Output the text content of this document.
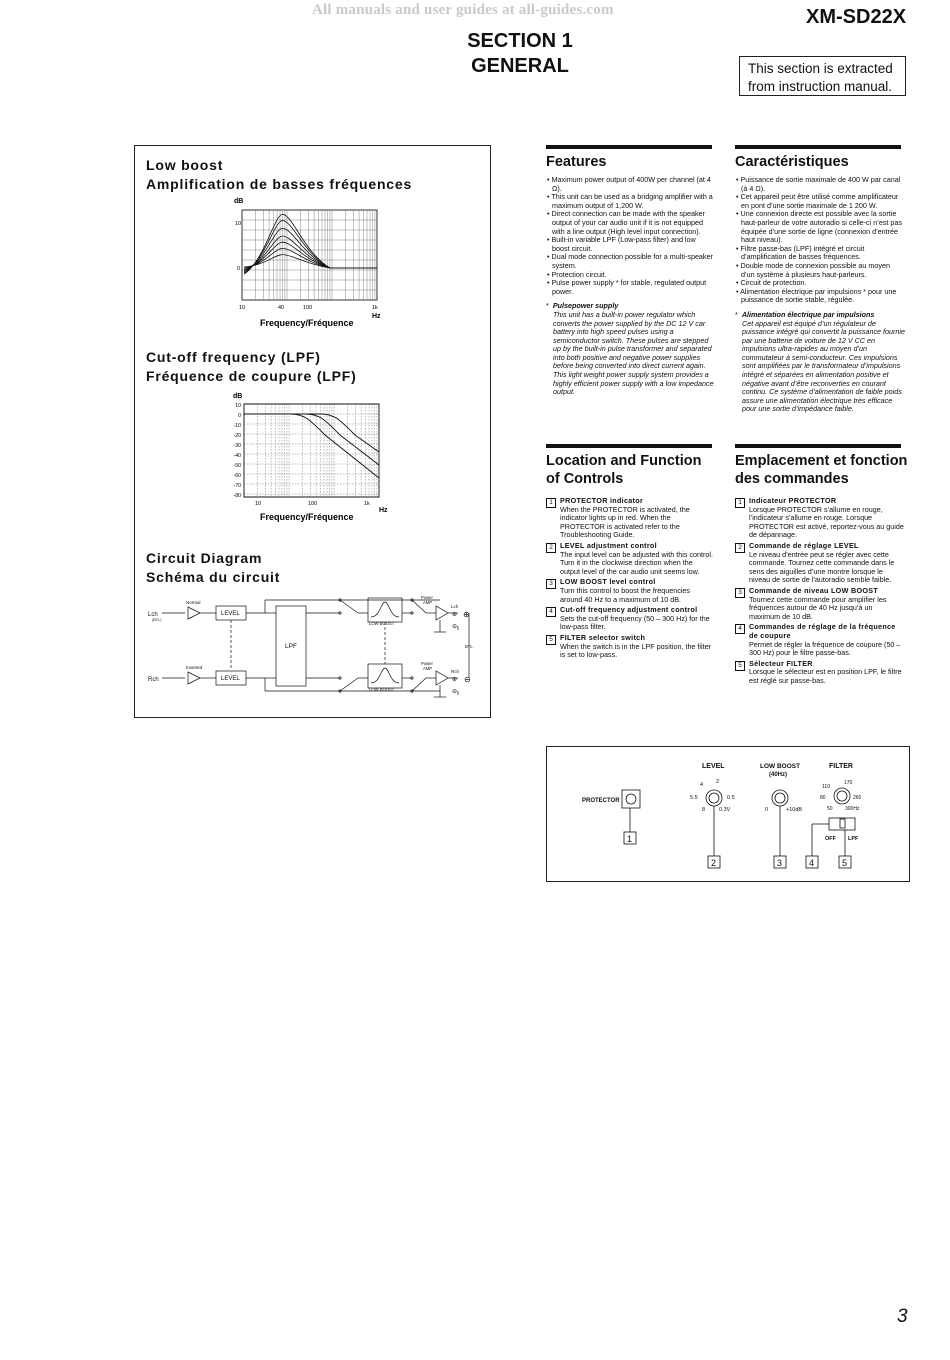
All manuals and user guides at all-guides.com	XM-SD22X
SECTION 1
GENERAL	This section is extracted
from instruction manual.
Low boost
Amplification de basses fréquences
dB
10
0
10	40	100	1k
Hz
Frequency/Fréquence
Cut-off frequency (LPF)
Fréquence de coupure (LPF)
dB
10
0
-10
-20
-30
-40
-50
-60
-70
-80
10	100	1k
Hz
Frequency/Fréquence
Circuit Diagram
Schéma du circuit
Lch
(BTL)
Rch
Normal
Inverted
LEVEL
LEVEL
LPF
LOW BOOST
LOW BOOST
Power
AMP
Power
AMP
Lch
Rch
⊕
⊖
⊕
⊖
⊕
BTL
⊖
Features

• Maximum power output of 400W per channel (at 4 Ω).

• This unit can be used as a bridging amplifier with a maximum output of 1,200 W.

• Direct connection can be made with the speaker output of your car audio unit if it is not equipped with a line output (High level input connection).

• Built-in variable LPF (Low-pass filter) and low boost circuit.

• Dual mode connection possible for a multi-speaker system.

• Protection circuit.

• Pulse power supply * for stable, regulated output power.

* Pulsepower supply

This unit has a built-in power regulator which converts the power supplied by the DC 12 V car battery into high speed pulses using a semiconductor switch. These pulses are stepped up by the built-in pulse transformer and separated into both positive and negative power supplies before being converted into direct current again. This light weight power supply system provides a highly efficient power supply with a low impedance output.

Caractéristiques

• Puissance de sortie maximale de 400 W par canal (à 4 Ω).

• Cet appareil peut être utilisé comme amplificateur en pont d’une sortie maximale de 1 200 W.

• Une connexion directe est possible avec la sortie haut-parleur de votre autoradio si celle-ci n’est pas équipée d’une sortie de ligne (connexion d’entrée haut niveau).

• Filtre passe-bas (LPF) intégré et circuit d’amplification de basses fréquences.

• Double mode de connexion possible au moyen d’un système à plusieurs haut-parleurs.

• Circuit de protection.

• Alimentation électrique par impulsions * pour une puissance de sortie stable, régulée.

* Alimentation électrique par impulsions

Cet appareil est équipé d’un régulateur de puissance intégré qui convertit la puissance fournie par une batterie de voiture de 12 V CC en impulsions ultra-rapides au moyen d’un commutateur à semi-conducteur. Ces impulsions sont amplifiées par le transformateur d’impulsions intégré et séparées en alimentation positive et négative avant d’être reconverties en courant continu. Ce système d’alimentation de faible poids assure une alimentation électrique très efficace pour une sortie d’impédance faible.

Location and Function
of Controls
1 PROTECTOR indicator
When the PROTECTOR is activated, the indicator lights up in red. When the PROTECTOR is activated refer to the Troubleshooting Guide.
2 LEVEL adjustment control
The input level can be adjusted with this control. Turn it in the clockwise direction when the output level of the car audio unit seems low.
3 LOW BOOST level control
Turn this control to boost the frequencies around 40 Hz to a maximum of 10 dB.
4 Cut-off frequency adjustment control
Sets the cut-off frequency (50 – 300 Hz) for the low-pass filter.
5 FILTER selector switch
When the switch is in the LPF position, the filter is set to low-pass.
Emplacement et fonction
des commandes
1 Indicateur PROTECTOR
Lorsque PROTECTOR s’allume en rouge, l’indicateur s’allume en rouge. Lorsque PROTECTOR est activé, reportez-vous au guide de dépannage.
2 Commande de réglage LEVEL
Le niveau d’entrée peut se régler avec cette commande. Tournez cette commande dans le sens des aiguilles d’une montre lorsque le niveau de sortie de l’autoradio semble faible.
3 Commande de niveau LOW BOOST
Tournez cette commande pour amplifier les fréquences autour de 40 Hz jusqu’à un maximum de 10 dB.
4 Commandes de réglage de la fréquence de coupure
Permet de régler la fréquence de coupure (50 – 300 Hz) pour le filtre passe-bas.
5 Sélecteur FILTER
Lorsque le sélecteur est en position LPF, le filtre est réglé sur passe-bas.
PROTECTOR
1
LEVEL
4 2
5.5	0.5
8	0.3V
2
LOW BOOST
(40Hz)
0	+10dB
3
FILTER
110
170
80	260
50 300Hz
OFF LPF
4	5
3
